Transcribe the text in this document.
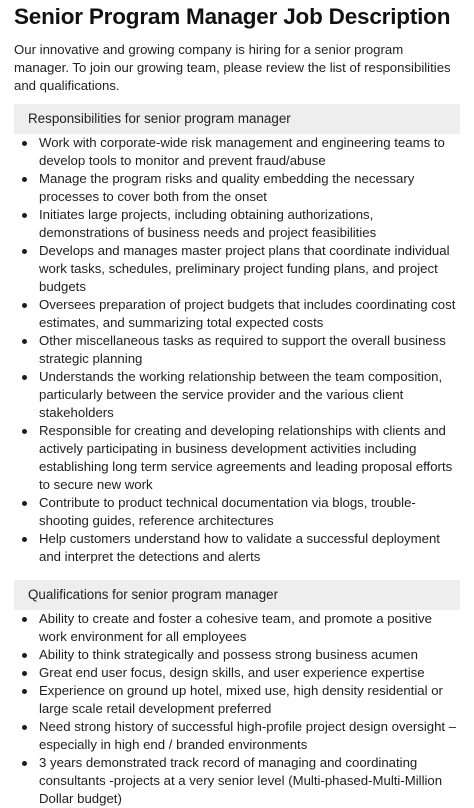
Senior Program Manager Job Description

Our innovative and growing company is hiring for a senior program manager. To join our growing team, please review the list of responsibilities and qualifications.

Responsibilities for senior program manager
Work with corporate-wide risk management and engineering teams to develop tools to monitor and prevent fraud/abuse
Manage the program risks and quality embedding the necessary processes to cover both from the onset
Initiates large projects, including obtaining authorizations, demonstrations of business needs and project feasibilities
Develops and manages master project plans that coordinate individual work tasks, schedules, preliminary project funding plans, and project budgets
Oversees preparation of project budgets that includes coordinating cost estimates, and summarizing total expected costs
Other miscellaneous tasks as required to support the overall business strategic planning
Understands the working relationship between the team composition, particularly between the service provider and the various client stakeholders
Responsible for creating and developing relationships with clients and actively participating in business development activities including establishing long term service agreements and leading proposal efforts to secure new work
Contribute to product technical documentation via blogs, trouble-shooting guides, reference architectures
Help customers understand how to validate a successful deployment and interpret the detections and alerts
Qualifications for senior program manager
Ability to create and foster a cohesive team, and promote a positive work environment for all employees
Ability to think strategically and possess strong business acumen
Great end user focus, design skills, and user experience expertise
Experience on ground up hotel, mixed use, high density residential or large scale retail development preferred
Need strong history of successful high-profile project design oversight – especially in high end / branded environments
3 years demonstrated track record of managing and coordinating consultants -projects at a very senior level (Multi-phased-Multi-Million Dollar budget)
